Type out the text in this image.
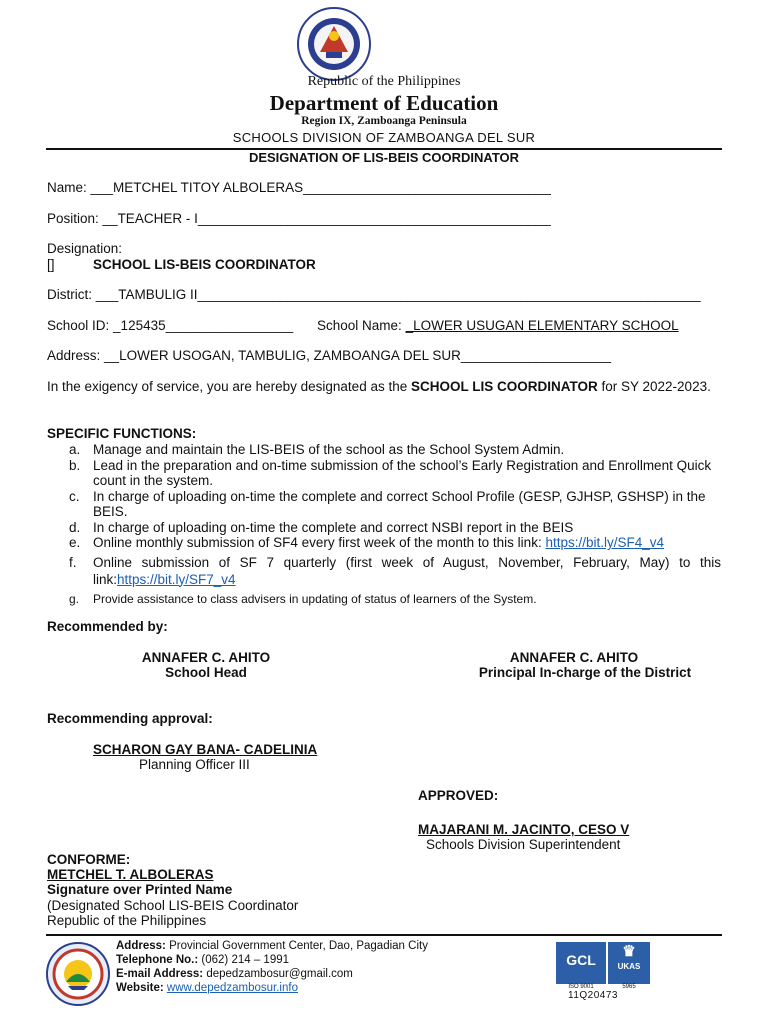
Republic of the Philippines
Department of Education
Region IX, Zamboanga Peninsula
SCHOOLS DIVISION OF ZAMBOANGA DEL SUR
DESIGNATION OF LIS-BEIS COORDINATOR
Name: ___METCHEL TITOY ALBOLERAS_________________________________
Position: __TEACHER - I_______________________________________________
Designation:
[]	SCHOOL LIS-BEIS COORDINATOR
District: ___TAMBULIG II___________________________________________________________________
School ID: _125435_________________ School Name: _LOWER USUGAN ELEMENTARY SCHOOL
Address: __LOWER USOGAN, TAMBULIG, ZAMBOANGA DEL SUR____________________
In the exigency of service, you are hereby designated as the SCHOOL LIS COORDINATOR for SY 2022-2023.
SPECIFIC FUNCTIONS:
a. Manage and maintain the LIS-BEIS of the school as the School System Admin.
b. Lead in the preparation and on-time submission of the school’s Early Registration and Enrollment Quick count in the system.
c. In charge of uploading on-time the complete and correct School Profile (GESP, GJHSP, GSHSP) in the BEIS.
d. In charge of uploading on-time the complete and correct NSBI report in the BEIS
e. Online monthly submission of SF4 every first week of the month to this link: https://bit.ly/SF4_v4
f. Online submission of SF 7 quarterly (first week of August, November, February, May) to this link:https://bit.ly/SF7_v4
g. Provide assistance to class advisers in updating of status of learners of the System.
Recommended by:
ANNAFER C. AHITO
School Head
ANNAFER C. AHITO
Principal In-charge of the District
Recommending approval:
SCHARON GAY BANA- CADELINIA
Planning Officer III
APPROVED:
MAJARANI M. JACINTO, CESO V
Schools Division Superintendent
CONFORME:
METCHEL T. ALBOLERAS
Signature over Printed Name
(Designated School LIS-BEIS Coordinator
Republic of the Philippines
Address: Provincial Government Center, Dao, Pagadian City
Telephone No.: (062) 214 – 1991
E-mail Address: depedzambosur@gmail.com
Website: www.depedzambosur.info
GCL	♛
UKAS
ISO 9001	5965
11Q20473
